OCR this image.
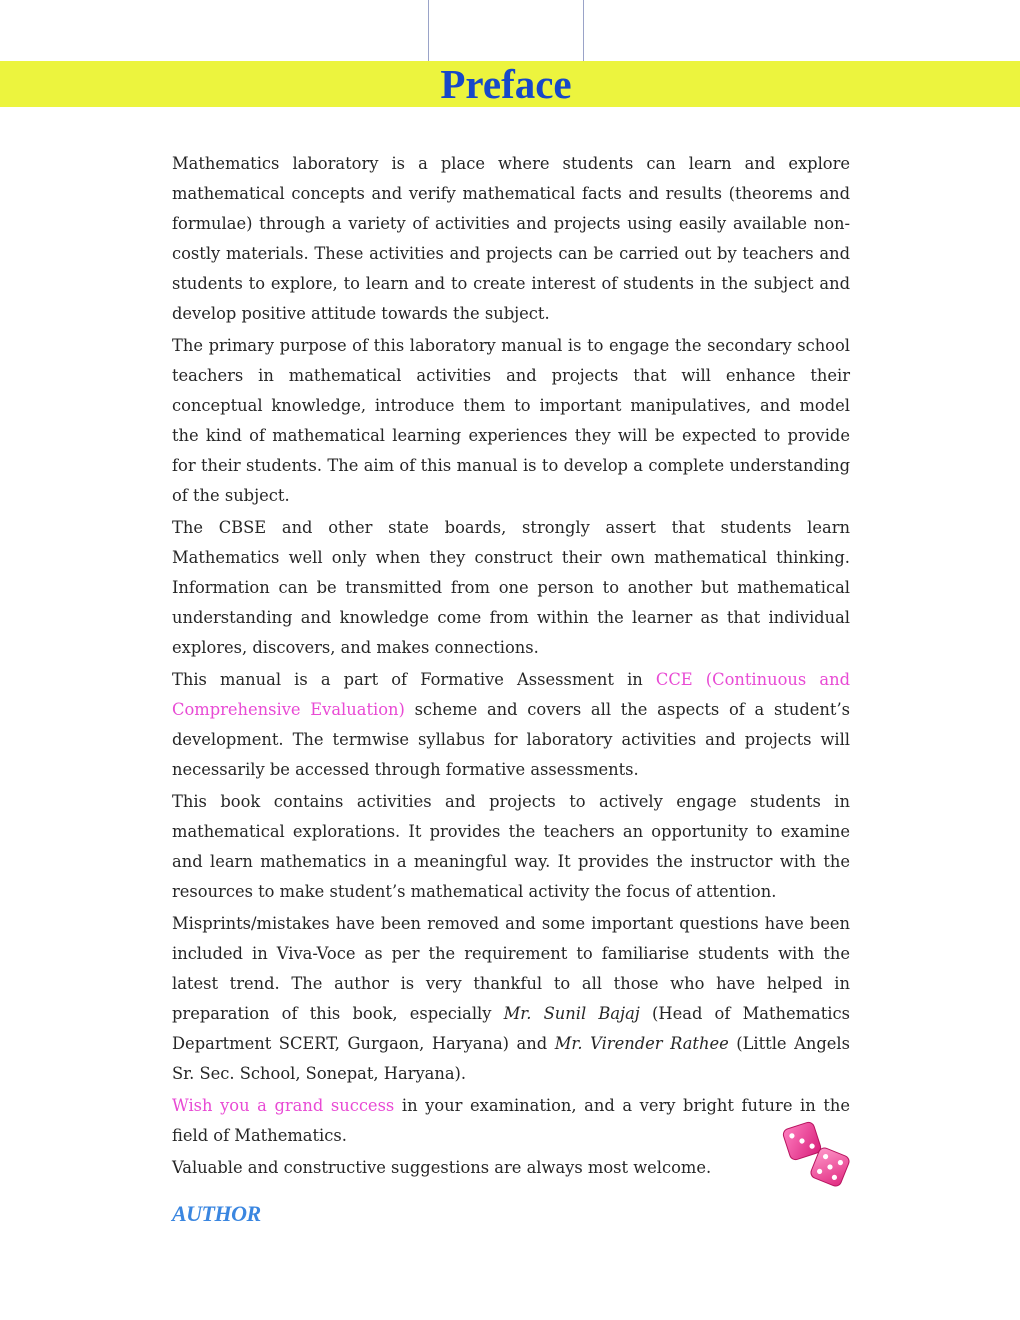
Preface

Mathematics laboratory is a place where students can learn and explore mathematical concepts and verify mathematical facts and results (theorems and formulae) through a variety of activities and projects using easily available non-costly materials. These activities and projects can be carried out by teachers and students to explore, to learn and to create interest of students in the subject and develop positive attitude towards the subject.

The primary purpose of this laboratory manual is to engage the secondary school teachers in mathematical activities and projects that will enhance their conceptual knowledge, introduce them to important manipulatives, and model the kind of mathematical learning experiences they will be expected to provide for their students. The aim of this manual is to develop a complete understanding of the subject.

The CBSE and other state boards, strongly assert that students learn Mathematics well only when they construct their own mathematical thinking. Information can be transmitted from one person to another but mathematical understanding and knowledge come from within the learner as that individual explores, discovers, and makes connections.

This manual is a part of Formative Assessment in CCE (Continuous and Comprehensive Evaluation) scheme and covers all the aspects of a student’s development. The termwise syllabus for laboratory activities and projects will necessarily be accessed through formative assessments.

This book contains activities and projects to actively engage students in mathematical explorations. It provides the teachers an opportunity to examine and learn mathematics in a meaningful way. It provides the instructor with the resources to make student’s mathematical activity the focus of attention.

Misprints/mistakes have been removed and some important questions have been included in Viva-Voce as per the requirement to familiarise students with the latest trend. The author is very thankful to all those who have helped in preparation of this book, especially Mr. Sunil Bajaj (Head of Mathematics Department SCERT, Gurgaon, Haryana) and Mr. Virender Rathee (Little Angels Sr. Sec. School, Sonepat, Haryana).

Wish you a grand success in your examination, and a very bright future in the field of Mathematics.

Valuable and constructive suggestions are always most welcome.

AUTHOR
